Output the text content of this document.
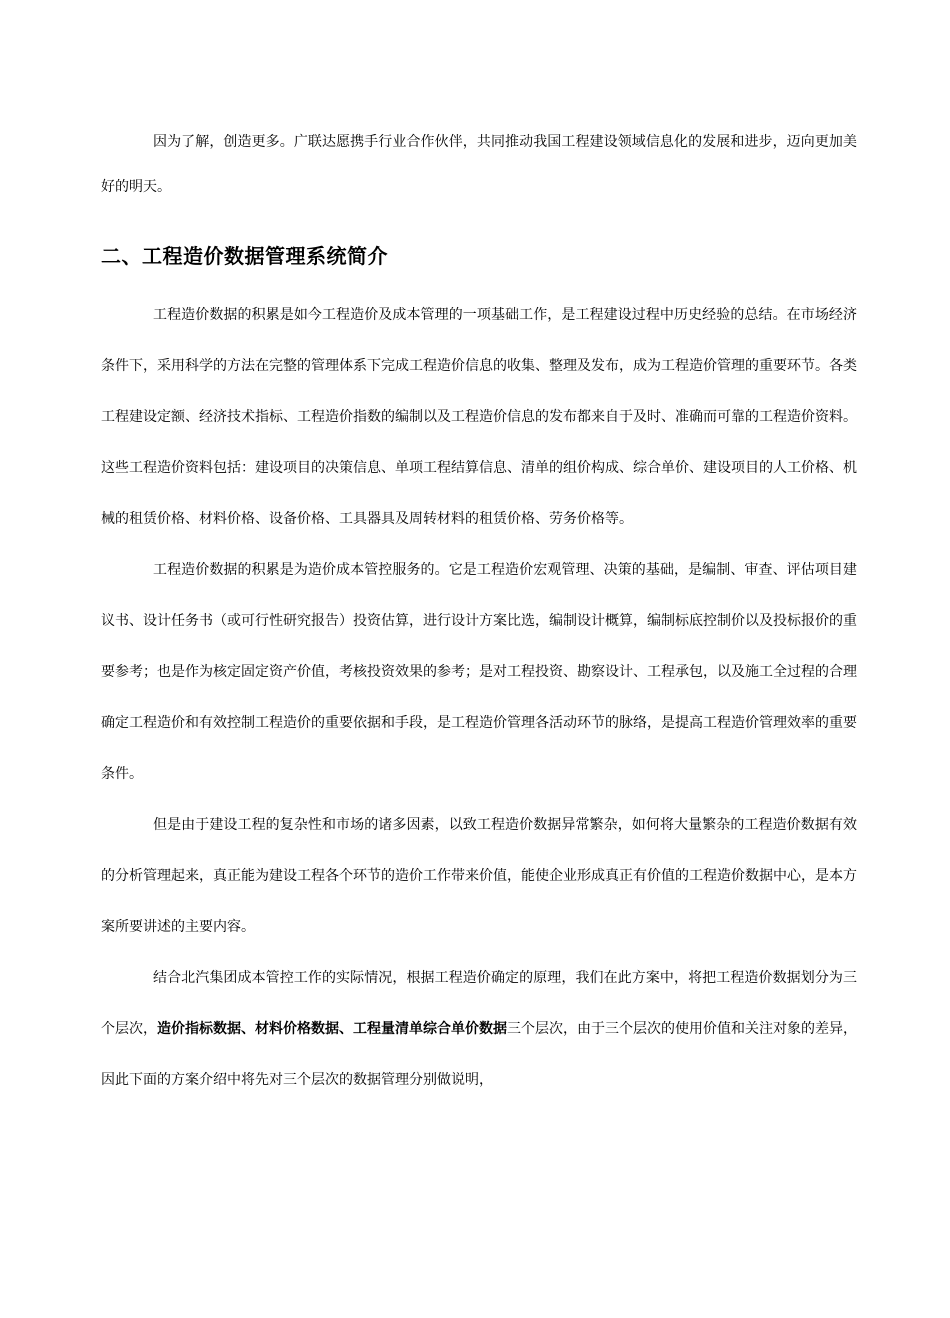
因为了解，创造更多。广联达愿携手行业合作伙伴，共同推动我国工程建设领域信息化的发展和进步，迈向更加美好的明天。

二、工程造价数据管理系统简介

工程造价数据的积累是如今工程造价及成本管理的一项基础工作，是工程建设过程中历史经验的总结。在市场经济条件下，采用科学的方法在完整的管理体系下完成工程造价信息的收集、整理及发布，成为工程造价管理的重要环节。各类工程建设定额、经济技术指标、工程造价指数的编制以及工程造价信息的发布都来自于及时、准确而可靠的工程造价资料。这些工程造价资料包括：建设项目的决策信息、单项工程结算信息、清单的组价构成、综合单价、建设项目的人工价格、机械的租赁价格、材料价格、设备价格、工具器具及周转材料的租赁价格、劳务价格等。

工程造价数据的积累是为造价成本管控服务的。它是工程造价宏观管理、决策的基础，是编制、审查、评估项目建议书、设计任务书（或可行性研究报告）投资估算，进行设计方案比选，编制设计概算，编制标底控制价以及投标报价的重要参考；也是作为核定固定资产价值，考核投资效果的参考；是对工程投资、勘察设计、工程承包，以及施工全过程的合理确定工程造价和有效控制工程造价的重要依据和手段，是工程造价管理各活动环节的脉络，是提高工程造价管理效率的重要条件。

但是由于建设工程的复杂性和市场的诸多因素，以致工程造价数据异常繁杂，如何将大量繁杂的工程造价数据有效的分析管理起来，真正能为建设工程各个环节的造价工作带来价值，能使企业形成真正有价值的工程造价数据中心，是本方案所要讲述的主要内容。

结合北汽集团成本管控工作的实际情况，根据工程造价确定的原理，我们在此方案中，将把工程造价数据划分为三个层次，造价指标数据、材料价格数据、工程量清单综合单价数据三个层次，由于三个层次的使用价值和关注对象的差异，因此下面的方案介绍中将先对三个层次的数据管理分别做说明，
